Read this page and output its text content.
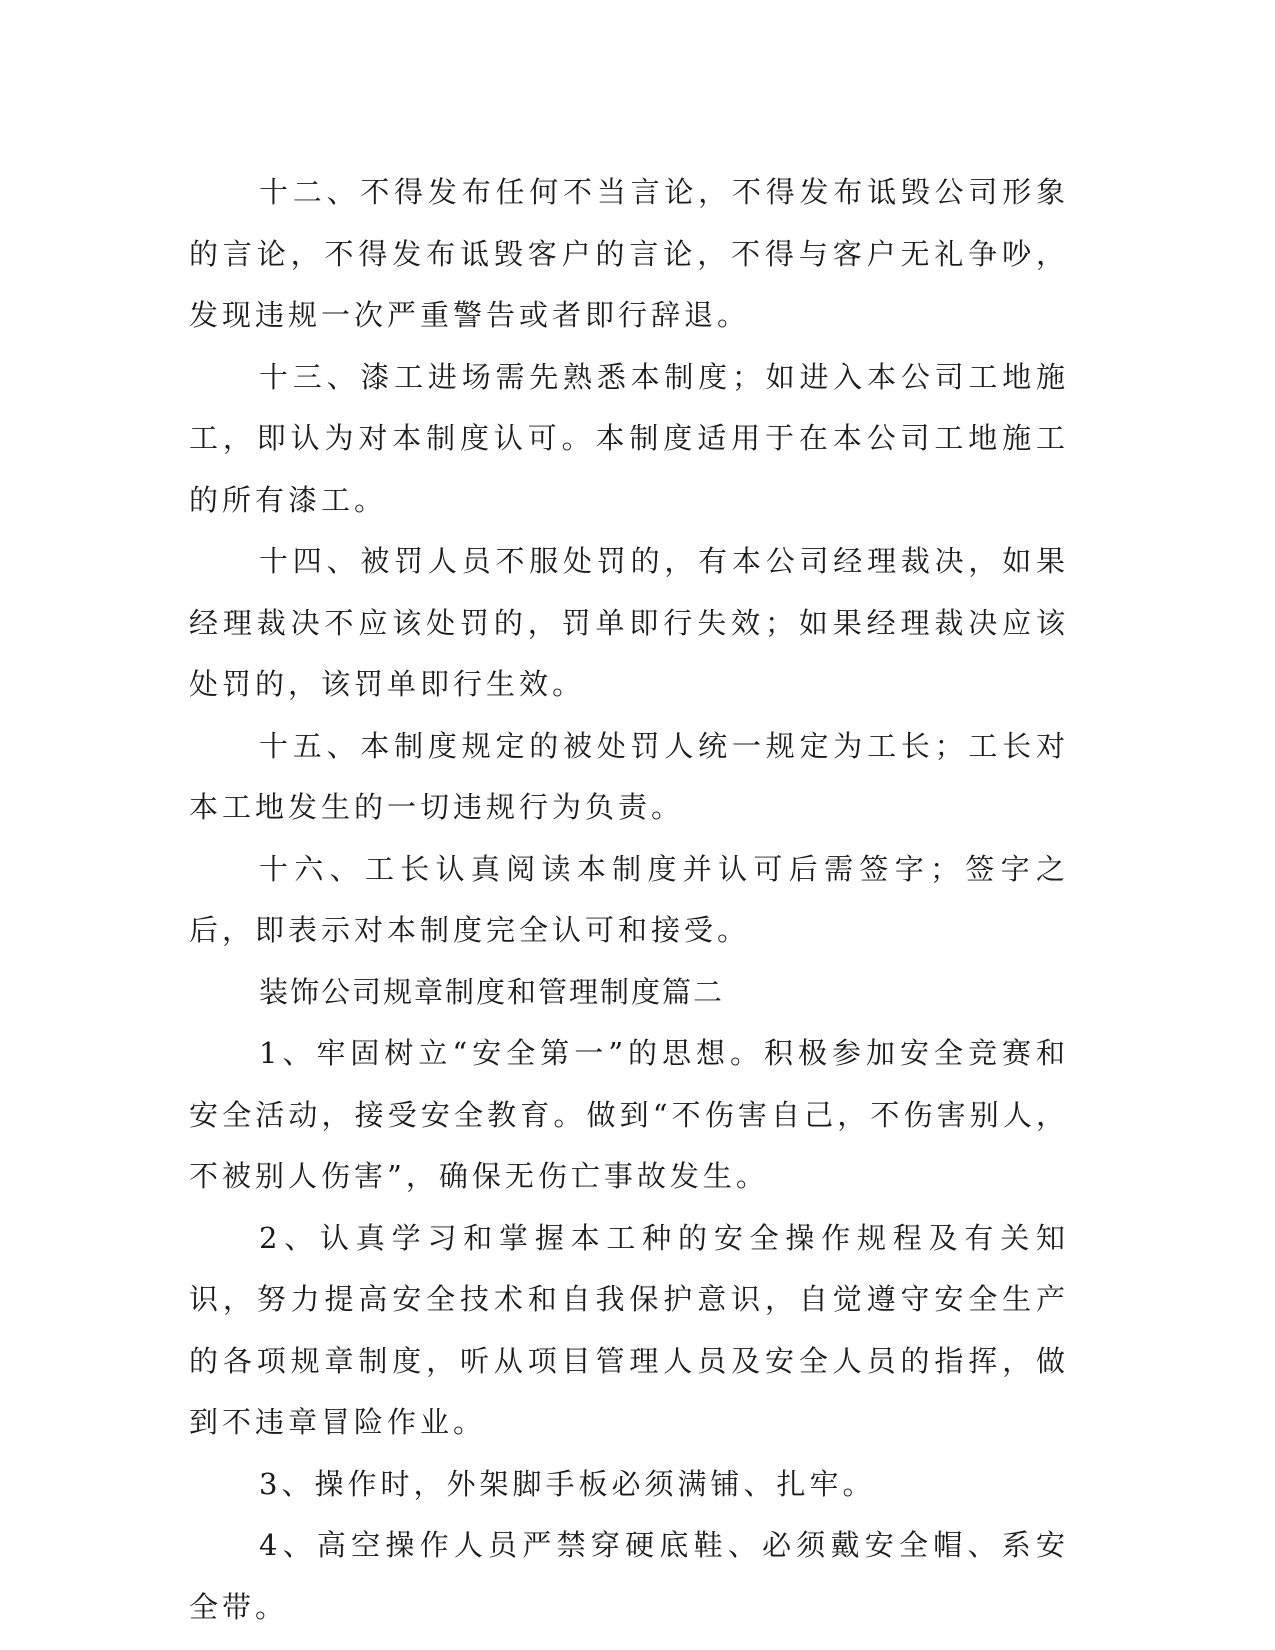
十二、不得发布任何不当言论，不得发布诋毁公司形象的言论，不得发布诋毁客户的言论，不得与客户无礼争吵，发现违规一次严重警告或者即行辞退。

十三、漆工进场需先熟悉本制度；如进入本公司工地施工，即认为对本制度认可。本制度适用于在本公司工地施工的所有漆工。

十四、被罚人员不服处罚的，有本公司经理裁决，如果经理裁决不应该处罚的，罚单即行失效；如果经理裁决应该处罚的，该罚单即行生效。

十五、本制度规定的被处罚人统一规定为工长；工长对本工地发生的一切违规行为负责。

十六、工长认真阅读本制度并认可后需签字；签字之后，即表示对本制度完全认可和接受。

装饰公司规章制度和管理制度篇二

1、牢固树立“安全第一”的思想。积极参加安全竞赛和安全活动，接受安全教育。做到“不伤害自己，不伤害别人，不被别人伤害”，确保无伤亡事故发生。

2、认真学习和掌握本工种的安全操作规程及有关知识，努力提高安全技术和自我保护意识，自觉遵守安全生产的各项规章制度，听从项目管理人员及安全人员的指挥，做到不违章冒险作业。

3、操作时，外架脚手板必须满铺、扎牢。

4、高空操作人员严禁穿硬底鞋、必须戴安全帽、系安全带。
